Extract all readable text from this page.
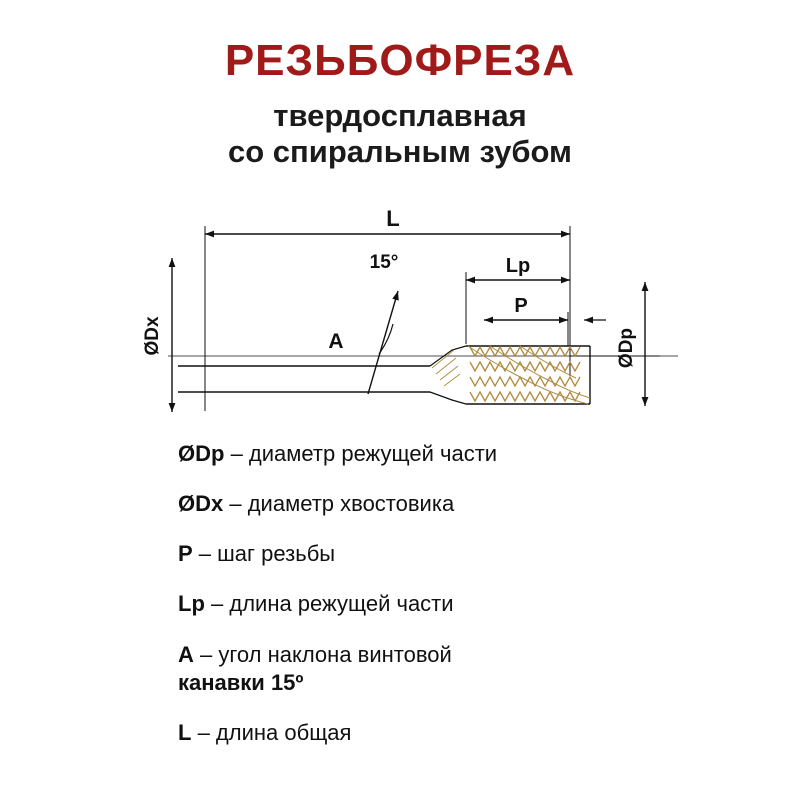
РЕЗЬБОФРЕЗА
твердосплавная
со спиральным зубом
L
Lp
P
15°
A
ØDx	ØDp
ØDp – диаметр режущей части
ØDx – диаметр хвостовика
P – шаг резьбы
Lp – длина режущей части
A – угол наклона винтовой
канавки 15º
L – длина общая
